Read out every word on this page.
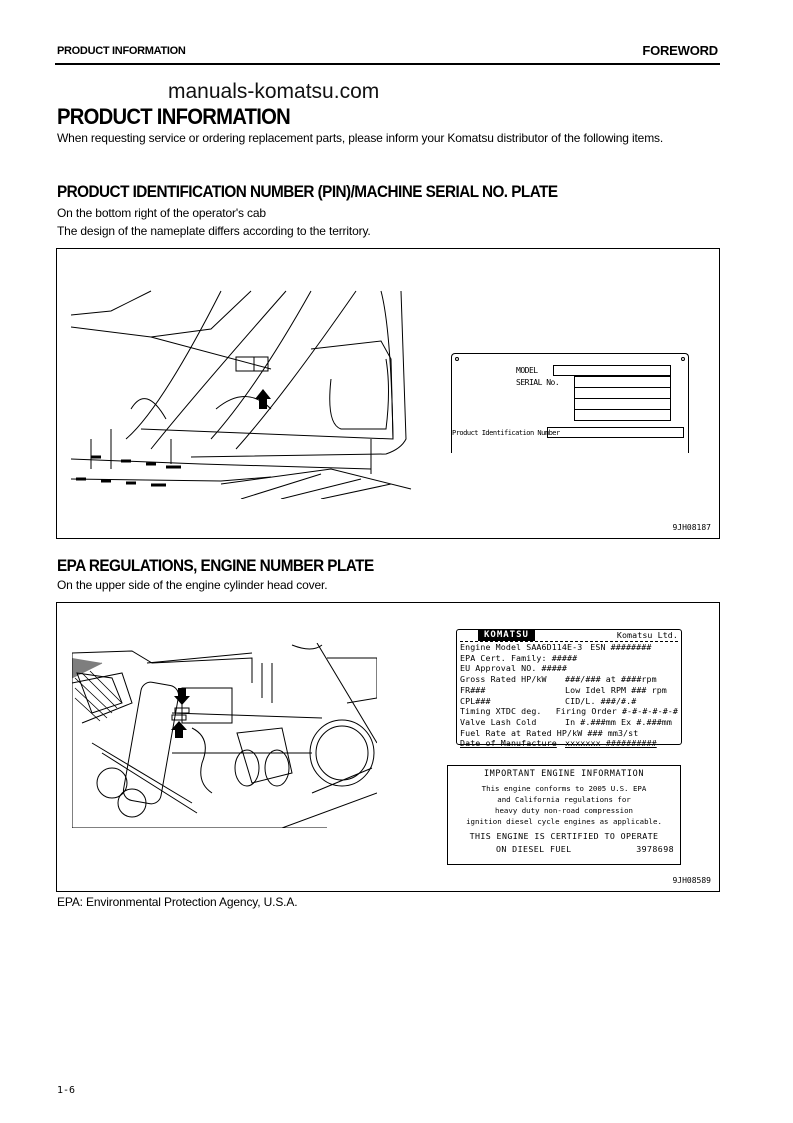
PRODUCT INFORMATION	FOREWORD
manuals-komatsu.com
PRODUCT INFORMATION
When requesting service or ordering replacement parts, please inform your Komatsu distributor of the following items.
PRODUCT IDENTIFICATION NUMBER (PIN)/MACHINE SERIAL NO. PLATE
On the bottom right of the operator's cab
The design of the nameplate differs according to the territory.
MODEL
SERIAL No.
Product Identification Number
9JH08187
EPA REGULATIONS, ENGINE NUMBER PLATE
On the upper side of the engine cylinder head cover.
KOMATSU	Komatsu Ltd.
Engine Model SAA6D114E-3 ESN ########
EPA Cert. Family: #####
EU Approval NO. #####
Gross Rated HP/kW	###/### at ####rpm
FR###	Low Idel RPM ### rpm
CPL###	CID/L. ###/#.#
Timing XTDC deg.	Firing Order #-#-#-#-#-#
Valve Lash Cold	In #.###mm Ex #.###mm
Fuel Rate at Rated HP/kW ### mm3/st
Date of Manufacture xxxxxxx ##########
IMPORTANT ENGINE INFORMATION
This engine conforms to 2005 U.S. EPA
and California regulations for
heavy duty non-road compression
ignition diesel cycle engines as applicable.
THIS ENGINE IS CERTIFIED TO OPERATE
ON DIESEL FUEL	3978698
9JH08589
EPA: Environmental Protection Agency, U.S.A.
1-6
